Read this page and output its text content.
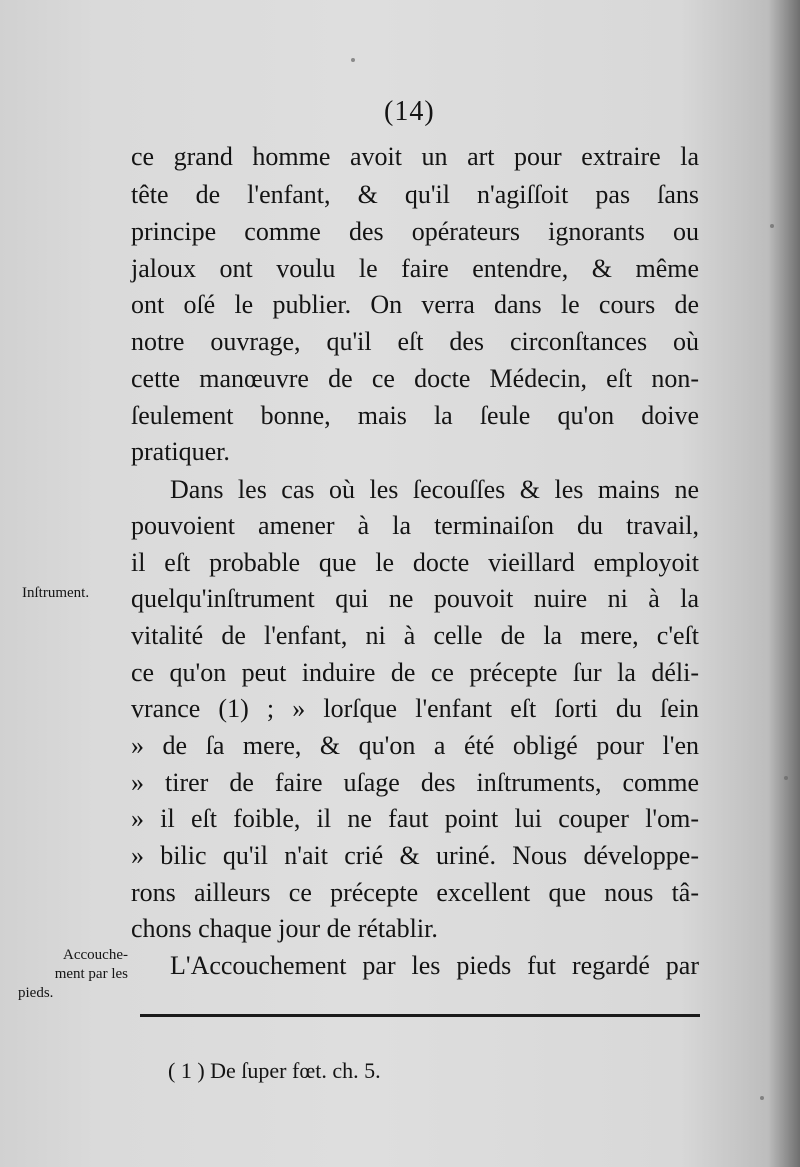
(14)
ce grand homme avoit un art pour extraire la
tête de l'enfant, & qu'il n'agiſſoit pas ſans
principe comme des opérateurs ignorants ou
jaloux ont voulu le faire entendre, & même
ont oſé le publier. On verra dans le cours de
notre ouvrage, qu'il eſt des circonſtances où
cette manœuvre de ce docte Médecin, eſt non-
ſeulement bonne, mais la ſeule qu'on doive
pratiquer.
Dans les cas où les ſecouſſes & les mains ne
pouvoient amener à la terminaiſon du travail,
il eſt probable que le docte vieillard employoit
quelqu'inſtrument qui ne pouvoit nuire ni à la
vitalité de l'enfant, ni à celle de la mere, c'eſt
ce qu'on peut induire de ce précepte ſur la déli-
vrance (1) ; » lorſque l'enfant eſt ſorti du ſein
» de ſa mere, & qu'on a été obligé pour l'en
» tirer de faire uſage des inſtruments, comme
» il eſt foible, il ne faut point lui couper l'om-
» bilic qu'il n'ait crié & uriné. Nous développe-
rons ailleurs ce précepte excellent que nous tâ-
chons chaque jour de rétablir.
L'Accouchement par les pieds fut regardé par
Inſtrument.
Accouche-
ment par les
pieds.
( 1 ) De ſuper fœt. ch. 5.
